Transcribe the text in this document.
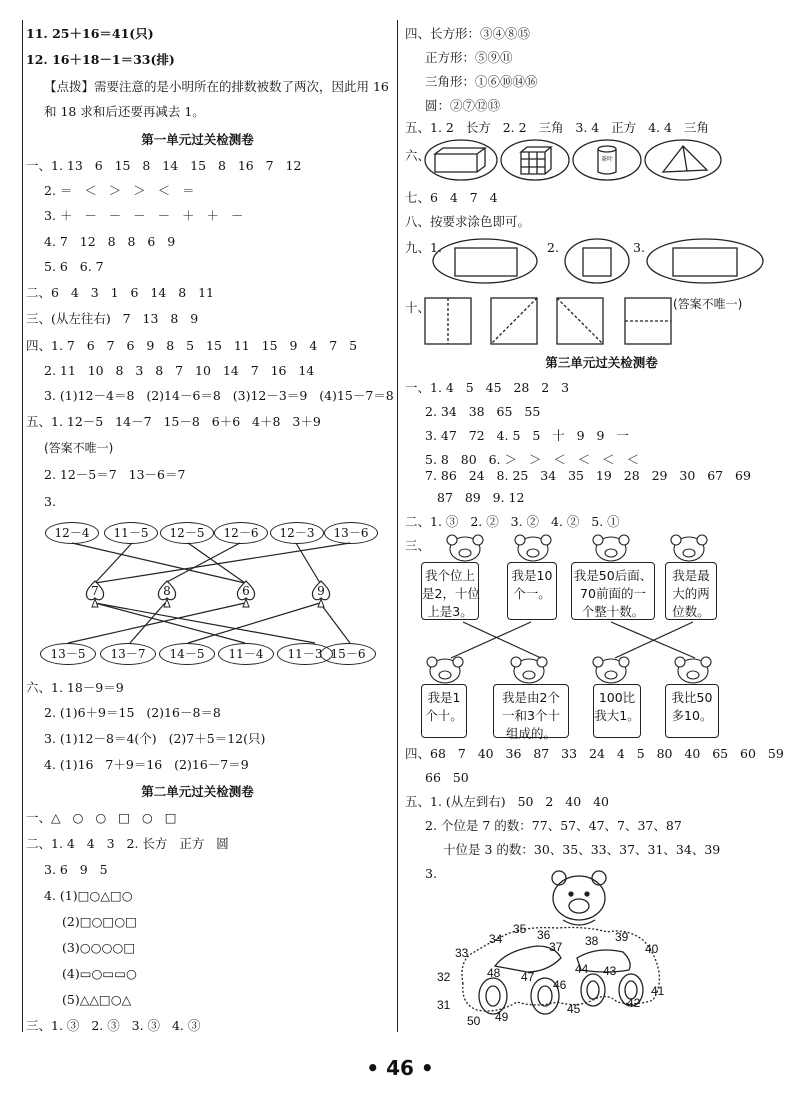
11. 25＋16＝41(只)
12. 16＋18－1＝33(排)
【点拨】需要注意的是小明所在的排数被数了两次，因此用 16
和 18 求和后还要再减去 1。
第一单元过关检测卷
一、1. 13   6   15   8   14   15   8   16   7   12
2. ＝   ＜   ＞   ＞   ＜   ＝
3. ＋   －   －   －   －   ＋   ＋   －
4. 7   12   8   8   6   9
5. 6   6. 7
二、6   4   3   1   6   14   8   11
三、(从左往右)   7   13   8   9
四、1. 7   6   7   6   9   8   5   15   11   15   9   4   7   5
2. 11   10   8   3   8   7   10   14   7   16   14
3. (1)12－4＝8   (2)14－6＝8   (3)12－3＝9   (4)15－7＝8
五、1. 12－5   14－7   15－8   6＋6   4＋8   3＋9
(答案不唯一)
2. 12－5＝7   13－6＝7
3.
12－4	11－5	12－5	12－6	12－3	13－6
7	8	6	9
13－5	13－7	14－5	11－4	11－3 15－6
六、1. 18－9＝9
2. (1)6＋9＝15   (2)16－8＝8
3. (1)12－8＝4(个)   (2)7＋5＝12(只)
4. (1)16   7＋9＝16   (2)16－7＝9
第二单元过关检测卷
一、△   ○   ○   □   ○   □
二、1. 4   4   3   2. 长方   正方   圆
3. 6   9   5
4. (1)□○△□○
(2)□○□○□
(3)○○○○□
(4)▭○▭▭○
(5)△△□○△
三、1. ③   2. ③   3. ③   4. ③
四、长方形：③④⑧⑮
正方形：⑤⑨⑪
三角形：①⑥⑩⑭⑯
圆：②⑦⑫⑬
五、1. 2   长方   2. 2   三角   3. 4   正方   4. 4   三角
六、	茶叶
七、6   4   7   4
八、按要求涂色即可。
九、1.	2.	3.
十、	(答案不唯一)
第三单元过关检测卷
一、1. 4   5   45   28   2   3
2. 34   38   65   55
3. 47   72   4. 5   5   十   9   9   一
5. 8   80   6. ＞   ＞   ＜   ＜   ＜   ＜
7. 86   24   8. 25   34   35   19   28   29   30   67   69
87   89   9. 12
二、1. ③   2. ②   3. ②   4. ②   5. ①
三、
我个位上
是2，十位
上是3。
我是10
个一。
我是50后面、
70前面的一
个整十数。
我是最
大的两
位数。
我是1
个十。
我是由2个
一和3个十
组成的。
100比
我大1。
我比50
多10。
四、68   7   40   36   87   33   24   4   5   80   40   65   60   59
66   50
五、1. (从左到右)   50   2   40   40
2. 个位是 7 的数：77、57、47、7、37、87
十位是 3 的数：30、35、33、37、31、34、39
3.
35 36
34
37 38 39
40
33
48 47
44 43
32
46
45	42
41
31
50 49
• 46 •
